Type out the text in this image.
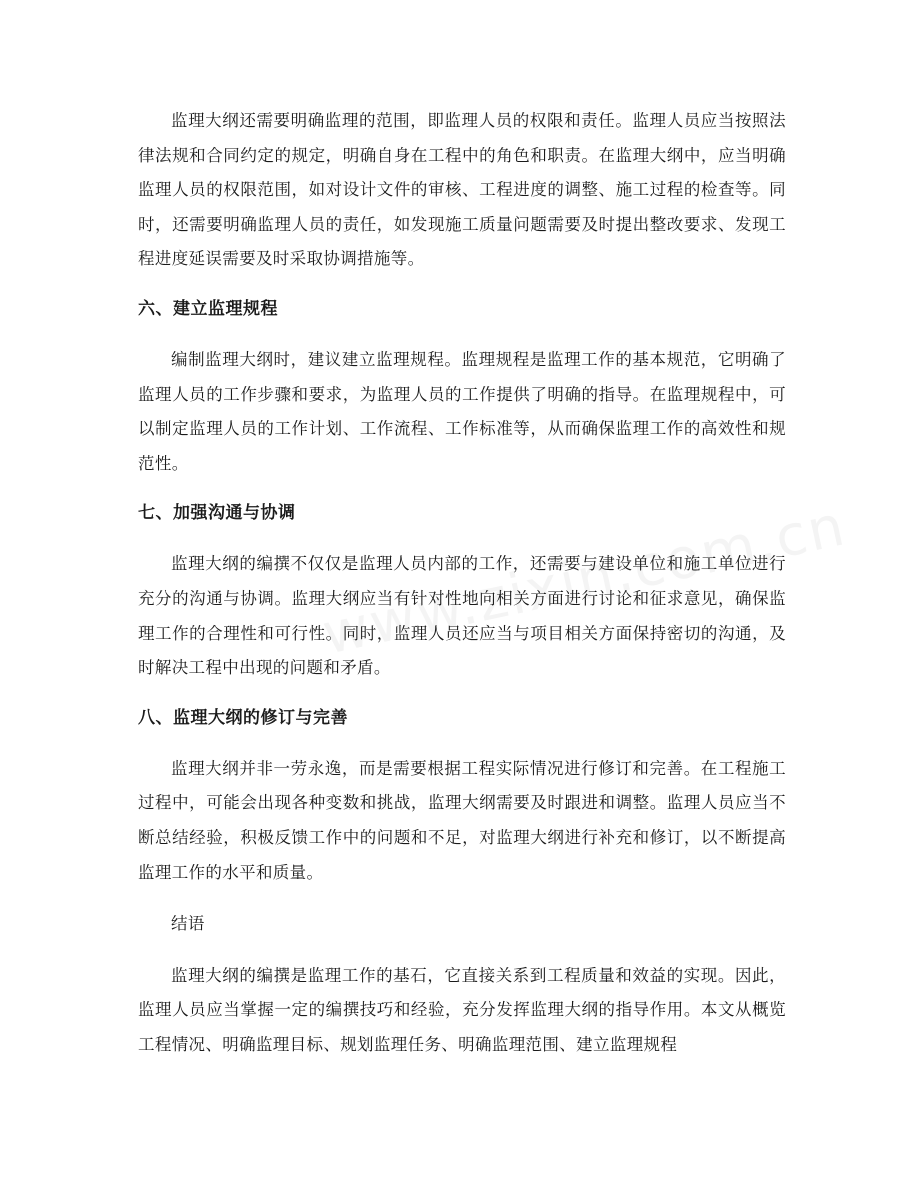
监理大纲还需要明确监理的范围，即监理人员的权限和责任。监理人员应当按照法律法规和合同约定的规定，明确自身在工程中的角色和职责。在监理大纲中，应当明确监理人员的权限范围，如对设计文件的审核、工程进度的调整、施工过程的检查等。同时，还需要明确监理人员的责任，如发现施工质量问题需要及时提出整改要求、发现工程进度延误需要及时采取协调措施等。

六、建立监理规程

编制监理大纲时，建议建立监理规程。监理规程是监理工作的基本规范，它明确了监理人员的工作步骤和要求，为监理人员的工作提供了明确的指导。在监理规程中，可以制定监理人员的工作计划、工作流程、工作标准等，从而确保监理工作的高效性和规范性。

七、加强沟通与协调

监理大纲的编撰不仅仅是监理人员内部的工作，还需要与建设单位和施工单位进行充分的沟通与协调。监理大纲应当有针对性地向相关方面进行讨论和征求意见，确保监理工作的合理性和可行性。同时，监理人员还应当与项目相关方面保持密切的沟通，及时解决工程中出现的问题和矛盾。

八、监理大纲的修订与完善

监理大纲并非一劳永逸，而是需要根据工程实际情况进行修订和完善。在工程施工过程中，可能会出现各种变数和挑战，监理大纲需要及时跟进和调整。监理人员应当不断总结经验，积极反馈工作中的问题和不足，对监理大纲进行补充和修订，以不断提高监理工作的水平和质量。

结语

监理大纲的编撰是监理工作的基石，它直接关系到工程质量和效益的实现。因此，监理人员应当掌握一定的编撰技巧和经验，充分发挥监理大纲的指导作用。本文从概览工程情况、明确监理目标、规划监理任务、明确监理范围、建立监理规程
